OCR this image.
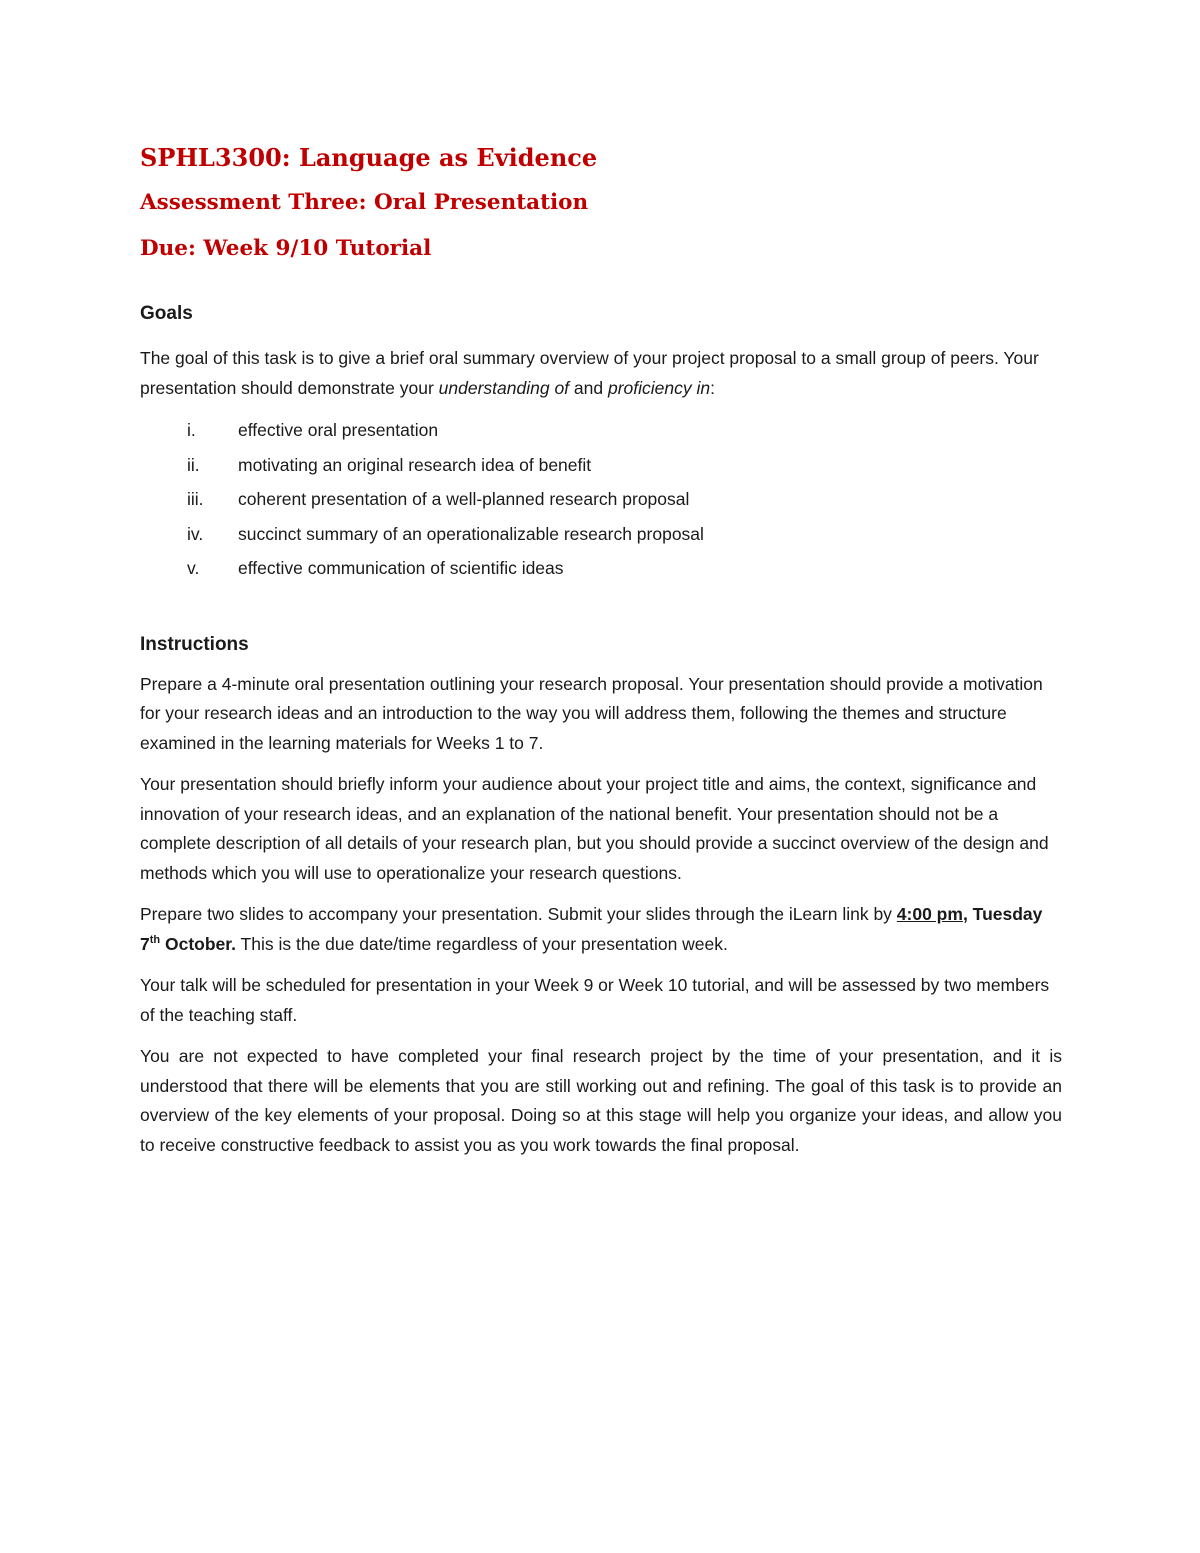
SPHL3300: Language as Evidence
Assessment Three: Oral Presentation
Due: Week 9/10 Tutorial
Goals

The goal of this task is to give a brief oral summary overview of your project proposal to a small group of peers. Your presentation should demonstrate your understanding of and proficiency in:

i. effective oral presentation
ii. motivating an original research idea of benefit
iii. coherent presentation of a well-planned research proposal
iv. succinct summary of an operationalizable research proposal
v. effective communication of scientific ideas
Instructions

Prepare a 4-minute oral presentation outlining your research proposal. Your presentation should provide a motivation for your research ideas and an introduction to the way you will address them, following the themes and structure examined in the learning materials for Weeks 1 to 7.

Your presentation should briefly inform your audience about your project title and aims, the context, significance and innovation of your research ideas, and an explanation of the national benefit. Your presentation should not be a complete description of all details of your research plan, but you should provide a succinct overview of the design and methods which you will use to operationalize your research questions.

Prepare two slides to accompany your presentation. Submit your slides through the iLearn link by 4:00 pm, Tuesday 7th October. This is the due date/time regardless of your presentation week.

Your talk will be scheduled for presentation in your Week 9 or Week 10 tutorial, and will be assessed by two members of the teaching staff.

You are not expected to have completed your final research project by the time of your presentation, and it is understood that there will be elements that you are still working out and refining. The goal of this task is to provide an overview of the key elements of your proposal. Doing so at this stage will help you organize your ideas, and allow you to receive constructive feedback to assist you as you work towards the final proposal.
